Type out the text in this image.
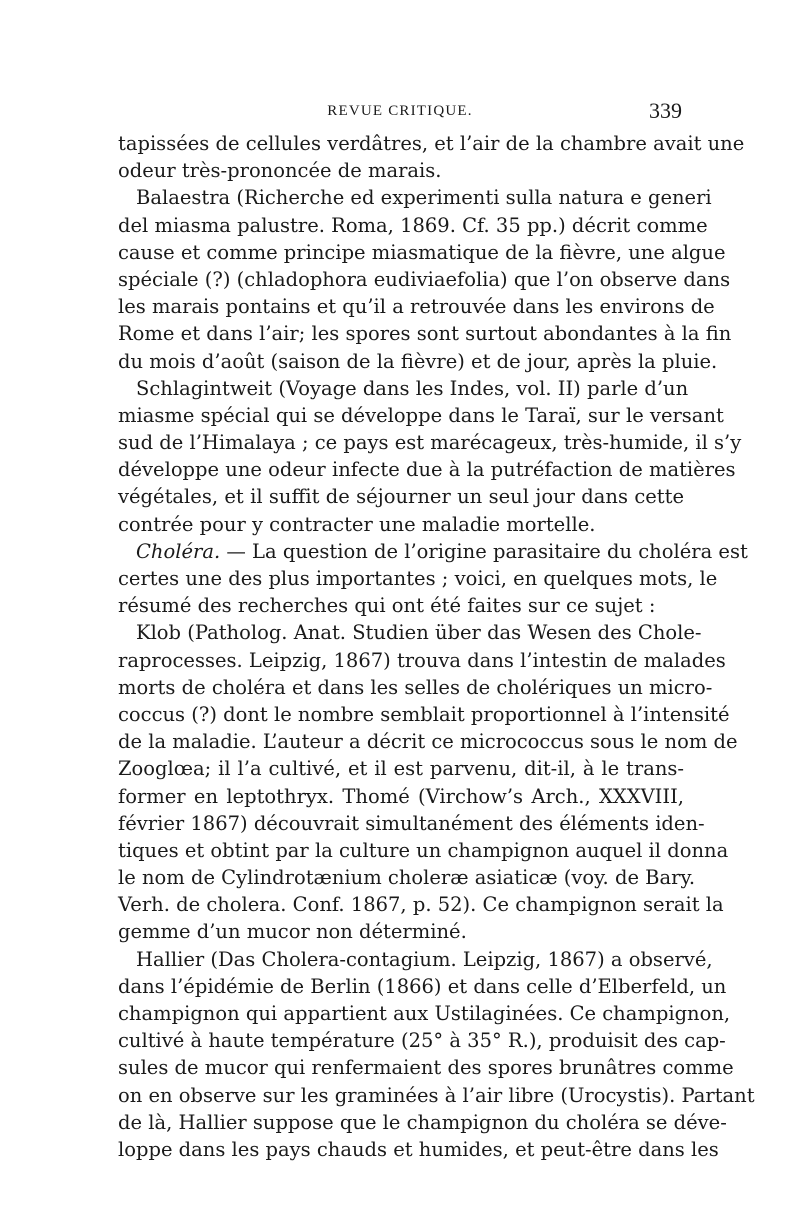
REVUE CRITIQUE.	339
tapissées de cellules verdâtres, et l’air de la chambre avait une
odeur très-prononcée de marais.
Balaestra (Richerche ed experimenti sulla natura e generi
del miasma palustre. Roma, 1869. Cf. 35 pp.) décrit comme
cause et comme principe miasmatique de la fièvre, une algue
spéciale (?) (chladophora eudiviaefolia) que l’on observe dans
les marais pontains et qu’il a retrouvée dans les environs de
Rome et dans l’air; les spores sont surtout abondantes à la fin
du mois d’août (saison de la fièvre) et de jour, après la pluie.
Schlagintweit (Voyage dans les Indes, vol. II) parle d’un
miasme spécial qui se développe dans le Taraï, sur le versant
sud de l’Himalaya ; ce pays est marécageux, très-humide, il s’y
développe une odeur infecte due à la putréfaction de matières
végétales, et il suffit de séjourner un seul jour dans cette
contrée pour y contracter une maladie mortelle.
Choléra. — La question de l’origine parasitaire du choléra est
certes une des plus importantes ; voici, en quelques mots, le
résumé des recherches qui ont été faites sur ce sujet :
Klob (Patholog. Anat. Studien über das Wesen des Chole-
raprocesses. Leipzig, 1867) trouva dans l’intestin de malades
morts de choléra et dans les selles de cholériques un micro-
coccus (?) dont le nombre semblait proportionnel à l’intensité
de la maladie. L’auteur a décrit ce micrococcus sous le nom de
Zooglœa; il l’a cultivé, et il est parvenu, dit-il, à le trans-
former en leptothryx. Thomé (Virchow’s Arch., XXXVIII,
février 1867) découvrait simultanément des éléments iden-
tiques et obtint par la culture un champignon auquel il donna
le nom de Cylindrotænium choleræ asiaticæ (voy. de Bary.
Verh. de cholera. Conf. 1867, p. 52). Ce champignon serait la
gemme d’un mucor non déterminé.
Hallier (Das Cholera-contagium. Leipzig, 1867) a observé,
dans l’épidémie de Berlin (1866) et dans celle d’Elberfeld, un
champignon qui appartient aux Ustilaginées. Ce champignon,
cultivé à haute température (25° à 35° R.), produisit des cap-
sules de mucor qui renfermaient des spores brunâtres comme
on en observe sur les graminées à l’air libre (Urocystis). Partant
de là, Hallier suppose que le champignon du choléra se déve-
loppe dans les pays chauds et humides, et peut-être dans les
